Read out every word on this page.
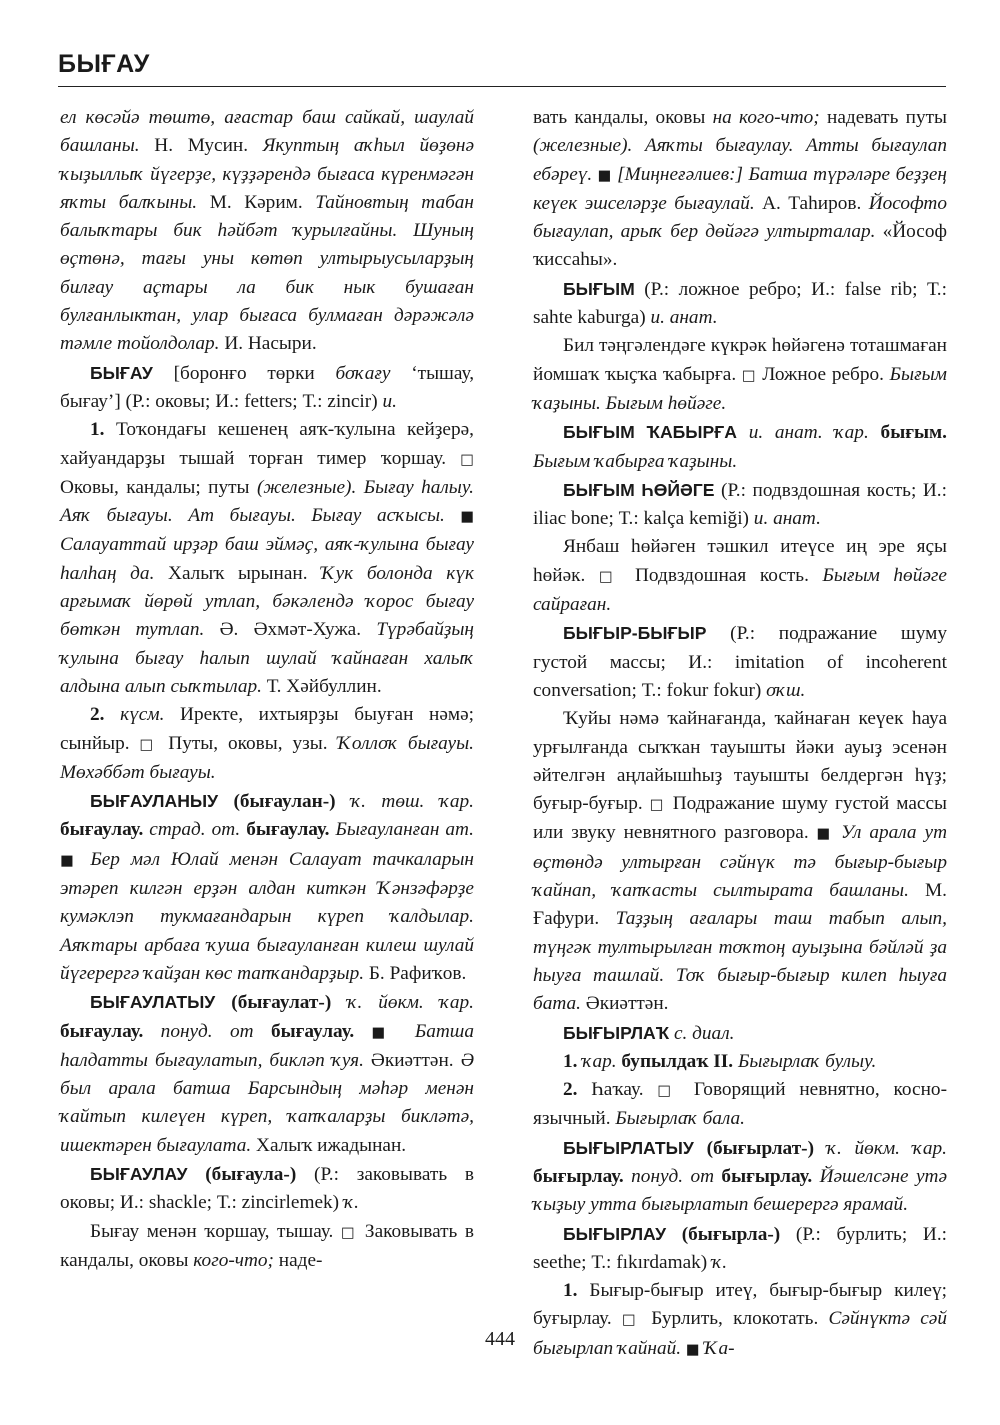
БЫҒАУ

ел көсәйә төштө, ағастар баш сайкай, шаулай башланы. Н. Мусин. Якуптың аҡһыл йөҙөнә ҡыҙыллыҡ йүгерҙе, күҙҙәрендә бығаса күренмәгән яҡты балҡыны. М. Кәрим. Тайновтың табан балыҡтары бик һәйбәт ҡурылғайны. Шуның өҫтөнә, тағы уны көтөп ултырыусыларҙың билғау аҫтары ла бик нык бушаған булғанлыктан, улар бығаса булмаған дәрәжәлә тәмле тойолдолар. И. Насыри.

БЫҒАУ [боронғо төрки боҡағу ‘тышау, бығау’] (Р.: оковы; И.: fetters; Т.: zincir) и.

1. Тоҡондағы кешенең аяҡ-ҡулына кейҙерә, хайуандарҙы тышай торған тимер ҡоршау. □ Оковы, кандалы; путы (железные). Бығау һалыу. Аяҡ бығауы. Ат бығауы. Бығау асҡысы. ■ Салауаттай ирҙәр баш эймәҫ, аяҡ-ҡулына бығау һалһаң да. Халыҡ ырынан. Ҡук болонда күк арғымаҡ йөрөй утлап, бәкәлендә ҡорос бығау бөткән тутлап. Ә. Әхмәт-Хужа. Түрәбайҙың ҡулына бығау һалып шулай ҡайнаған халыҡ алдына алып сыҡтылар. Т. Хәйбуллин.

2. күсм. Иректе, ихтыярҙы быуған нәмә; сынйыр. □ Путы, оковы, узы. Ҡоллоҡ бығауы. Мөхәббәт бығауы.

БЫҒАУЛАНЫУ (бығаулан-) ҡ. төш. ҡар. бығаулау. страд. от. бығаулау. Бығауланған ат. ■ Бер мәл Юлай менән Салауат тачкаларын этәреп килгән ерҙән алдан киткән Ҡәнзәфәрҙе кумәклэп тукмағандарын күреп ҡалдылар. Аяҡтары арбаға ҡуша бығауланған килеш шулай йүгерергә ҡайҙан көс тапҡандарҙыр. Б. Рафиҡов.

БЫҒАУЛАТЫУ (бығаулат-) ҡ. йөкм. ҡар. бығаулау. понуд. от бығаулау. ■ Батша һалдатты бығаулатып, бикләп ҡуя. Әкиәттән. Ә был арала батша Барсындың мәһәр менән ҡайтып килеүен күреп, ҡапҡаларҙы бикләтә, ишектәрен бығаулата. Халыҡ ижадынан.

БЫҒАУЛАУ (бығаула-) (Р.: заковывать в оковы; И.: shackle; Т.: zincirlemek) ҡ.

Бығау менән ҡоршау, тышау. □ Заковывать в кандалы, оковы кого-что; наде-

вать кандалы, оковы на кого-что; надевать путы (железные). Аяҡты бығаулау. Атты бығаулап ебәреү. ■ [Миңнеғәлиев:] Батша түрәләре беҙҙең кеүек эшселәрҙе бығаулай. А. Таһиров. Йософто бығаулап, арыҡ бер дөйәгә ултырталар. «Йософ ҡиссаһы».

БЫҒЫМ (Р.: ложное ребро; И.: false rib; Т.: sahte kaburga) и. анат.

Бил тәңгәлендәге күкрәк һөйәгенә тоташмаған йомшаҡ ҡыҫҡа ҡабырға. □ Ложное ребро. Бығым ҡаҙыны. Бығым һөйәге.

БЫҒЫМ ҠАБЫРҒА и. анат. ҡар. бығым. Бығым ҡабырға ҡаҙыны.

БЫҒЫМ ҺӨЙӘГЕ (Р.: подвздошная кость; И.: iliac bone; Т.: kalça kemiği) и. анат.

Янбаш һөйәген тәшкил итеүсе иң эре яҫы һөйәк. □ Подвздошная кость. Бығым һөйәге сайраған.

БЫҒЫР-БЫҒЫР (Р.: подражание шуму густой массы; И.: imitation of incoherent conversation; Т.: fokur fokur) оҡш.

Ҡуйы нәмә ҡайнағанда, ҡайнаған кеүек һауа урғылғанда сыҡҡан тауышты йәки ауыҙ эсенән әйтелгән аңлайышһыҙ тауышты белдергән һүҙ; буғыр-буғыр. □ Подражание шуму густой массы или звуку невнятного разговора. ■ Ул арала ут өҫтөндә ултырған сәйнүк тә бығыр-бығыр ҡайнап, ҡапҡасты сылтырата башланы. М. Ғафури. Таҙҙың ағалары таш табып алып, түңгәк тултырылған тоҡтоң ауыҙына бәйләй ҙа һыуға ташлай. Тоҡ бығыр-бығыр килеп һыуға бата. Әкиәттән.

БЫҒЫРЛАҠ с. диал.

1. ҡар. бупылдаҡ II. Бығырлаҡ булыу.

2. Һаҡау. □ Говорящий невнятно, косноязычный. Бығырлаҡ бала.

БЫҒЫРЛАТЫУ (бығырлат-) ҡ. йөкм. ҡар. бығырлау. понуд. от бығырлау. Йәшелсәне утә ҡыҙыу утта бығырлатып бешерергә ярамай.

БЫҒЫРЛАУ (бығырла-) (Р.: бурлить; И.: seethe; Т.: fıkırdamak) ҡ.

1. Бығыр-бығыр итеү, бығыр-бығыр килеү; буғырлау. □ Бурлить, клокотать. Сәйнүктә сәй бығырлап ҡайнай. ■ Ҡа-

444
